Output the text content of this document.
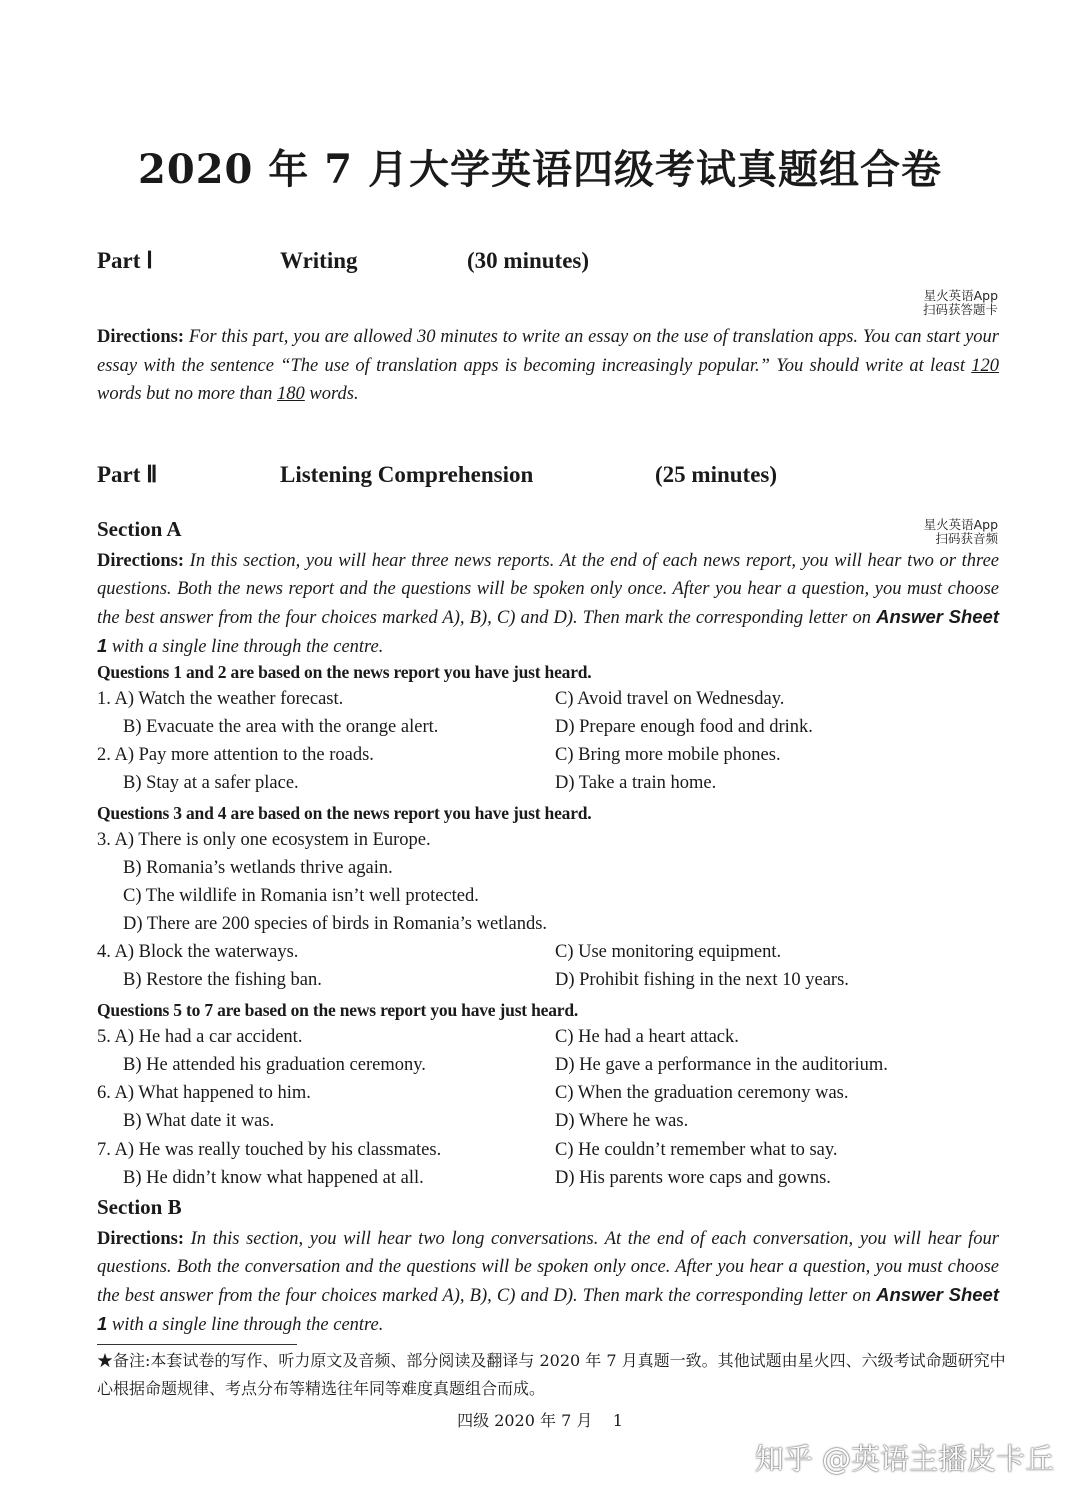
2020 年 7 月大学英语四级考试真题组合卷
Part Ⅰ	Writing	(30 minutes)
星火英语App
扫码获答题卡
Directions: For this part, you are allowed 30 minutes to write an essay on the use of translation apps. You can start your essay with the sentence “The use of translation apps is becoming increasingly popular.” You should write at least 120 words but no more than 180 words.
Part Ⅱ	Listening Comprehension	(25 minutes)
Section A	星火英语App
扫码获音频
Directions: In this section, you will hear three news reports. At the end of each news report, you will hear two or three questions. Both the news report and the questions will be spoken only once. After you hear a question, you must choose the best answer from the four choices marked A), B), C) and D). Then mark the corresponding letter on Answer Sheet 1 with a single line through the centre.
Questions 1 and 2 are based on the news report you have just heard.
1. A) Watch the weather forecast.	C) Avoid travel on Wednesday.
B) Evacuate the area with the orange alert.	D) Prepare enough food and drink.
2. A) Pay more attention to the roads.	C) Bring more mobile phones.
B) Stay at a safer place.	D) Take a train home.
Questions 3 and 4 are based on the news report you have just heard.
3. A) There is only one ecosystem in Europe.
B) Romania’s wetlands thrive again.
C) The wildlife in Romania isn’t well protected.
D) There are 200 species of birds in Romania’s wetlands.
4. A) Block the waterways.	C) Use monitoring equipment.
B) Restore the fishing ban.	D) Prohibit fishing in the next 10 years.
Questions 5 to 7 are based on the news report you have just heard.
5. A) He had a car accident.	C) He had a heart attack.
B) He attended his graduation ceremony.	D) He gave a performance in the auditorium.
6. A) What happened to him.	C) When the graduation ceremony was.
B) What date it was.	D) Where he was.
7. A) He was really touched by his classmates.	C) He couldn’t remember what to say.
B) He didn’t know what happened at all.	D) His parents wore caps and gowns.
Section B
Directions: In this section, you will hear two long conversations. At the end of each conversation, you will hear four questions. Both the conversation and the questions will be spoken only once. After you hear a question, you must choose the best answer from the four choices marked A), B), C) and D). Then mark the corresponding letter on Answer Sheet 1 with a single line through the centre.
★备注:本套试卷的写作、听力原文及音频、部分阅读及翻译与 2020 年 7 月真题一致。其他试题由星火四、六级考试命题研究中心根据命题规律、考点分布等精选往年同等难度真题组合而成。
四级 2020 年 7 月    1
知乎 @英语主播皮卡丘
